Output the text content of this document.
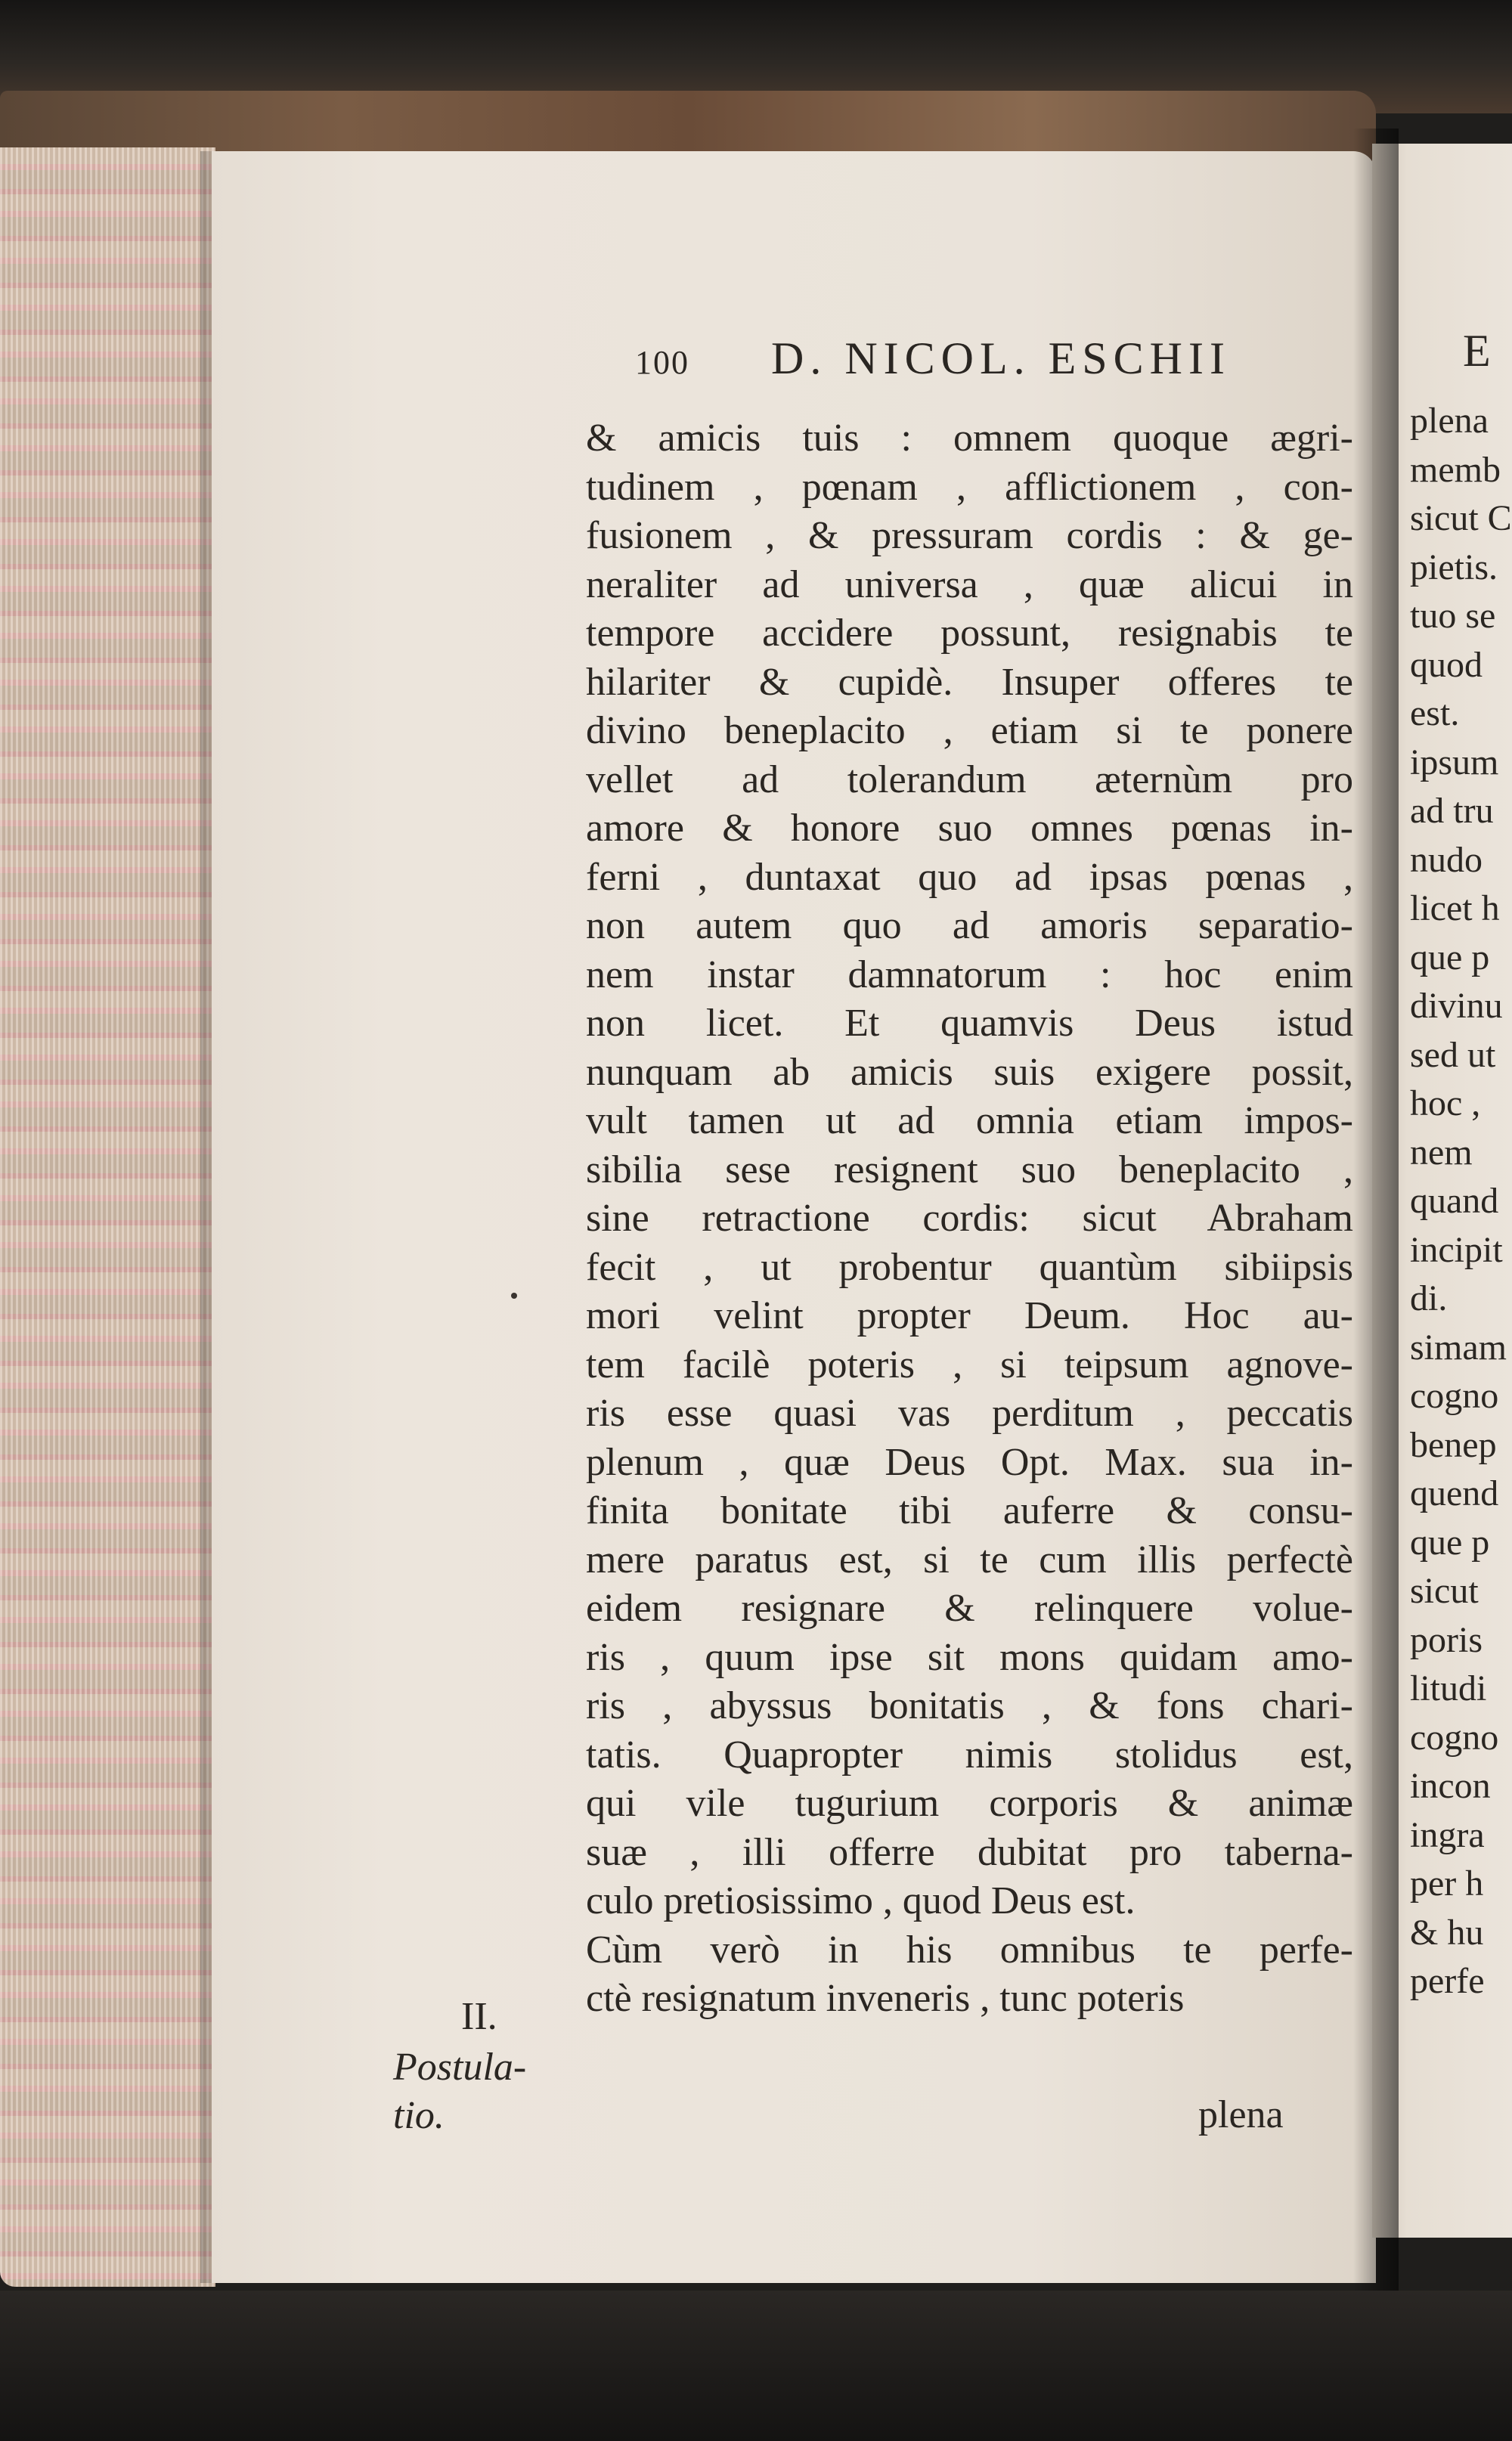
100 D. NICOL. ESCHII
& amicis tuis : omnem quoque ægri-
tudinem , pœnam , afflictionem , con-
fusionem , & pressuram cordis : & ge-
neraliter ad universa , quæ alicui in
tempore accidere possunt, resignabis te
hilariter & cupidè. Insuper offeres te
divino beneplacito , etiam si te ponere
vellet ad tolerandum æternùm pro
amore & honore suo omnes pœnas in-
ferni , duntaxat quo ad ipsas pœnas ,
non autem quo ad amoris separatio-
nem instar damnatorum : hoc enim
non licet. Et quamvis Deus istud
nunquam ab amicis suis exigere possit,
vult tamen ut ad omnia etiam impos-
sibilia sese resignent suo beneplacito ,
sine retractione cordis: sicut Abraham
fecit , ut probentur quantùm sibiipsis
mori velint propter Deum. Hoc au-
tem facilè poteris , si teipsum agnove-
ris esse quasi vas perditum , peccatis
plenum , quæ Deus Opt. Max. sua in-
finita bonitate tibi auferre & consu-
mere paratus est, si te cum illis perfectè
eidem resignare & relinquere volue-
ris , quum ipse sit mons quidam amo-
ris , abyssus bonitatis , & fons chari-
tatis. Quapropter nimis stolidus est,
qui vile tugurium corporis & animæ
suæ , illi offerre dubitat pro taberna-
culo pretiosissimo , quod Deus est.
Cùm verò in his omnibus te perfe-
ctè resignatum inveneris , tunc poteris
II.
Postula-
tio.	plena
E
plena
memb
sicut C
pietis.
tuo se
quod
est.
ipsum
ad tru
nudo
licet h
que p
divinu
sed ut
hoc ,
nem
quand
incipit
di.
simam
cogno
benep
quend
que p
sicut
poris
litudi
cogno
incon
ingra
per h
& hu
perfe
